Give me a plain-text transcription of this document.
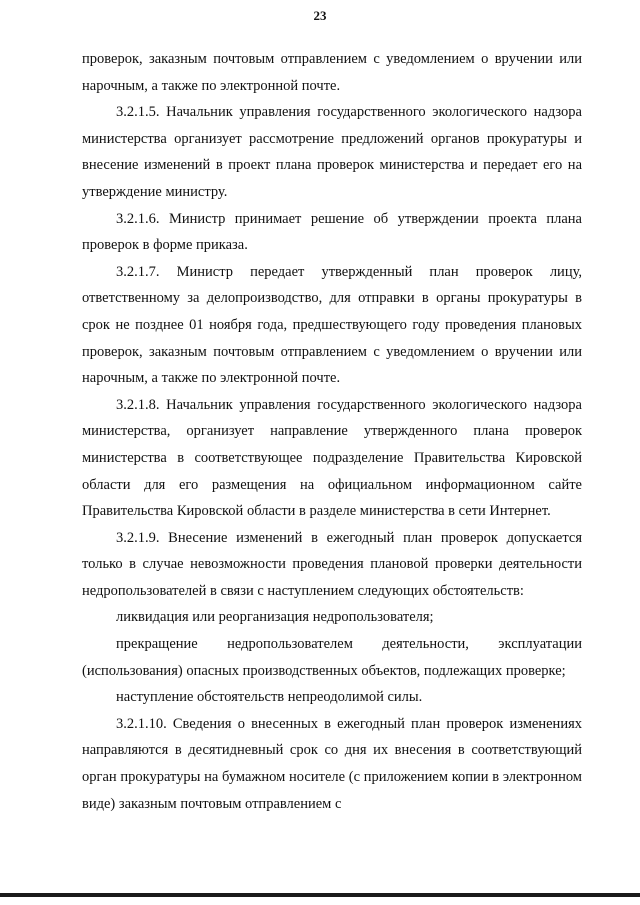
23

проверок, заказным почтовым отправлением с уведомлением о вручении или нарочным, а также по электронной почте.

3.2.1.5. Начальник управления государственного экологического надзора министерства организует рассмотрение предложений органов прокуратуры и внесение изменений в проект плана проверок министерства и передает его на утверждение министру.

3.2.1.6. Министр принимает решение об утверждении проекта плана проверок в форме приказа.

3.2.1.7. Министр передает утвержденный план проверок лицу, ответственному за делопроизводство, для отправки в органы прокуратуры в срок не позднее 01 ноября года, предшествующего году проведения плановых проверок, заказным почтовым отправлением с уведомлением о вручении или нарочным, а также по электронной почте.

3.2.1.8. Начальник управления государственного экологического надзора министерства, организует направление утвержденного плана проверок министерства в соответствующее подразделение Правительства Кировской области для его размещения на официальном информационном сайте Правительства Кировской области в разделе министерства в сети Интернет.

3.2.1.9. Внесение изменений в ежегодный план проверок допускается только в случае невозможности проведения плановой проверки деятельности недропользователей в связи с наступлением следующих обстоятельств:

ликвидация или реорганизация недропользователя;

прекращение недропользователем деятельности, эксплуатации (использования) опасных производственных объектов, подлежащих проверке;

наступление обстоятельств непреодолимой силы.

3.2.1.10. Сведения о внесенных в ежегодный план проверок изменениях направляются в десятидневный срок со дня их внесения в соответствующий орган прокуратуры на бумажном носителе (с приложением копии в электронном виде) заказным почтовым отправлением с
